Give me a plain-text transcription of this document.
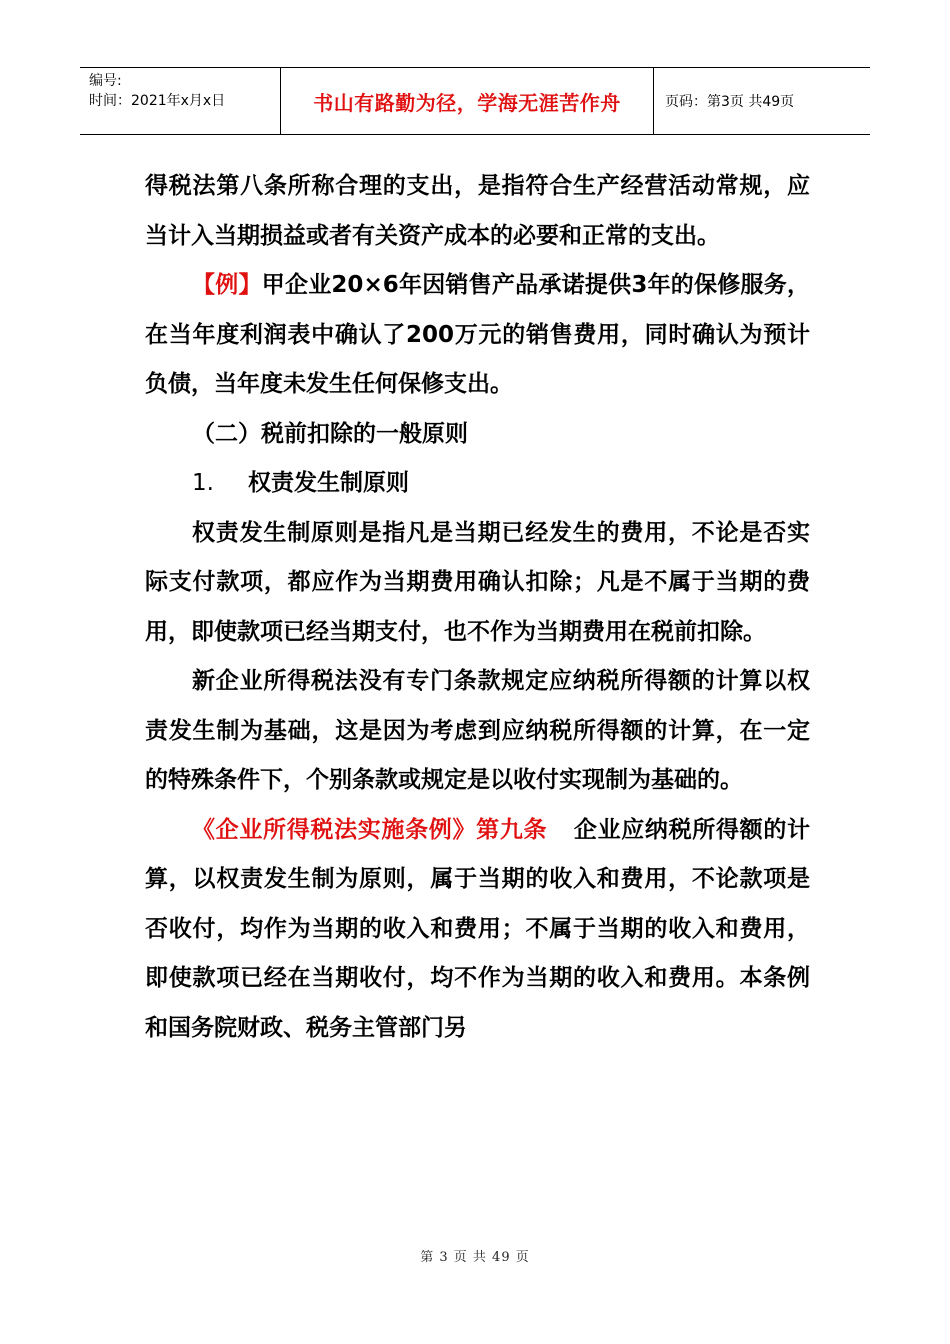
编号:
时间：2021年x月x日	书山有路勤为径，学海无涯苦作舟	页码：第3页 共49页

得税法第八条所称合理的支出，是指符合生产经营活动常规，应当计入当期损益或者有关资产成本的必要和正常的支出。

【例】甲企业20×6年因销售产品承诺提供3年的保修服务，在当年度利润表中确认了200万元的销售费用，同时确认为预计负债，当年度未发生任何保修支出。

（二）税前扣除的一般原则

1. 权责发生制原则

权责发生制原则是指凡是当期已经发生的费用，不论是否实际支付款项，都应作为当期费用确认扣除；凡是不属于当期的费用，即使款项已经当期支付，也不作为当期费用在税前扣除。

新企业所得税法没有专门条款规定应纳税所得额的计算以权责发生制为基础，这是因为考虑到应纳税所得额的计算，在一定的特殊条件下，个别条款或规定是以收付实现制为基础的。

《企业所得税法实施条例》第九条 企业应纳税所得额的计算，以权责发生制为原则，属于当期的收入和费用，不论款项是否收付，均作为当期的收入和费用；不属于当期的收入和费用，即使款项已经在当期收付，均不作为当期的收入和费用。本条例和国务院财政、税务主管部门另

第 3 页 共 49 页
